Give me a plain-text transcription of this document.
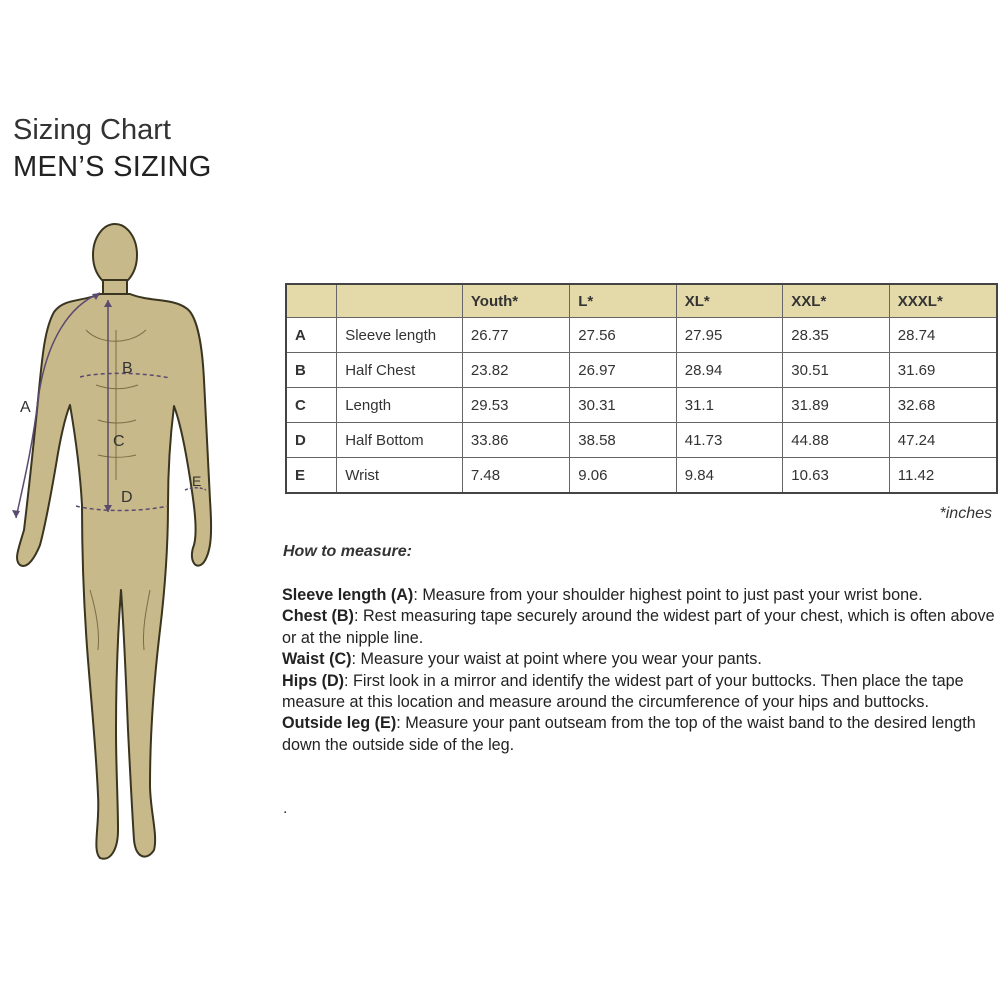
Sizing Chart
MEN’S SIZING
A
B
C
D
E
		Youth*	L*	XL*	XXL*	XXXL*
A	Sleeve length	26.77	27.56	27.95	28.35	28.74
B	Half Chest	23.82	26.97	28.94	30.51	31.69
C	Length	29.53	30.31	31.1	31.89	32.68
D	Half Bottom	33.86	38.58	41.73	44.88	47.24
E	Wrist	7.48	9.06	9.84	10.63	11.42
*inches
How to measure:

Sleeve length (A): Measure from your shoulder highest point to just past your wrist bone.

Chest (B): Rest measuring tape securely around the widest part of your chest, which is often above or at the nipple line.

Waist (C): Measure your waist at point where you wear your pants.

Hips (D): First look in a mirror and identify the widest part of your buttocks. Then place the tape measure at this location and measure around the circumference of your hips and buttocks.

Outside leg (E): Measure your pant outseam from the top of the waist band to the desired length down the outside side of the leg.

.
